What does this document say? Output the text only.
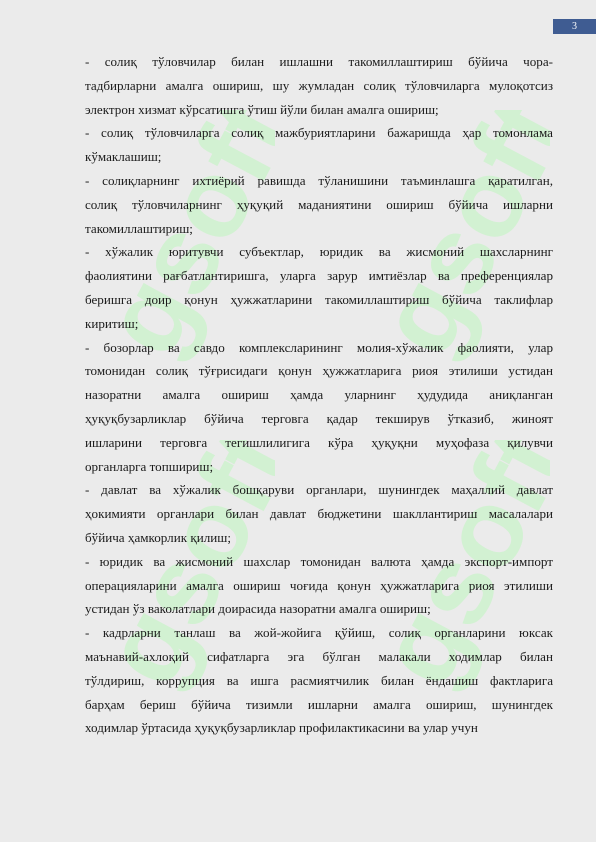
3
gsoft gsoft
gsoft gsoft

- солиқ тўловчилар билан ишлашни такомиллаштириш бўйича чора-
тадбирларни амалга ошириш, шу жумладан солиқ тўловчиларга мулоқотсиз
электрон хизмат кўрсатишга ўтиш йўли билан амалга ошириш;

- солиқ тўловчиларга солиқ мажбуриятларини бажаришда ҳар томонлама
кўмаклашиш;

- солиқларнинг ихтиёрий равишда тўланишини таъминлашга қаратилган,
солиқ тўловчиларнинг ҳуқуқий маданиятини ошириш бўйича ишларни
такомиллаштириш;

- хўжалик юритувчи субъектлар, юридик ва жисмоний шахсларнинг
фаолиятини рағбатлантиришга, уларга зарур имтиёзлар ва преференциялар
беришга доир қонун ҳужжатларини такомиллаштириш бўйича таклифлар
киритиш;

- бозорлар ва савдо комплексларининг молия-хўжалик фаолияти, улар
томонидан солиқ тўғрисидаги қонун ҳужжатларига риоя этилиши устидан
назоратни амалга ошириш ҳамда уларнинг ҳудудида аниқланган
ҳуқуқбузарликлар бўйича терговга қадар текширув ўтказиб, жиноят
ишларини терговга тегишлилигига кўра ҳуқуқни муҳофаза қилувчи
органларга топшириш;

- давлат ва хўжалик бошқаруви органлари, шунингдек маҳаллий давлат
ҳокимияти органлари билан давлат бюджетини шакллантириш масалалари
бўйича ҳамкорлик қилиш;

- юридик ва жисмоний шахслар томонидан валюта ҳамда экспорт-импорт
операцияларини амалга ошириш чоғида қонун ҳужжатларига риоя этилиши
устидан ўз ваколатлари доирасида назоратни амалга ошириш;

- кадрларни танлаш ва жой-жойига қўйиш, солиқ органларини юксак
маънавий-ахлоқий сифатларга эга бўлган малакали ходимлар билан
тўлдириш, коррупция ва ишга расмиятчилик билан ёндашиш фактларига
барҳам бериш бўйича тизимли ишларни амалга ошириш, шунингдек
ходимлар ўртасида ҳуқуқбузарликлар профилактикасини ва улар учун
